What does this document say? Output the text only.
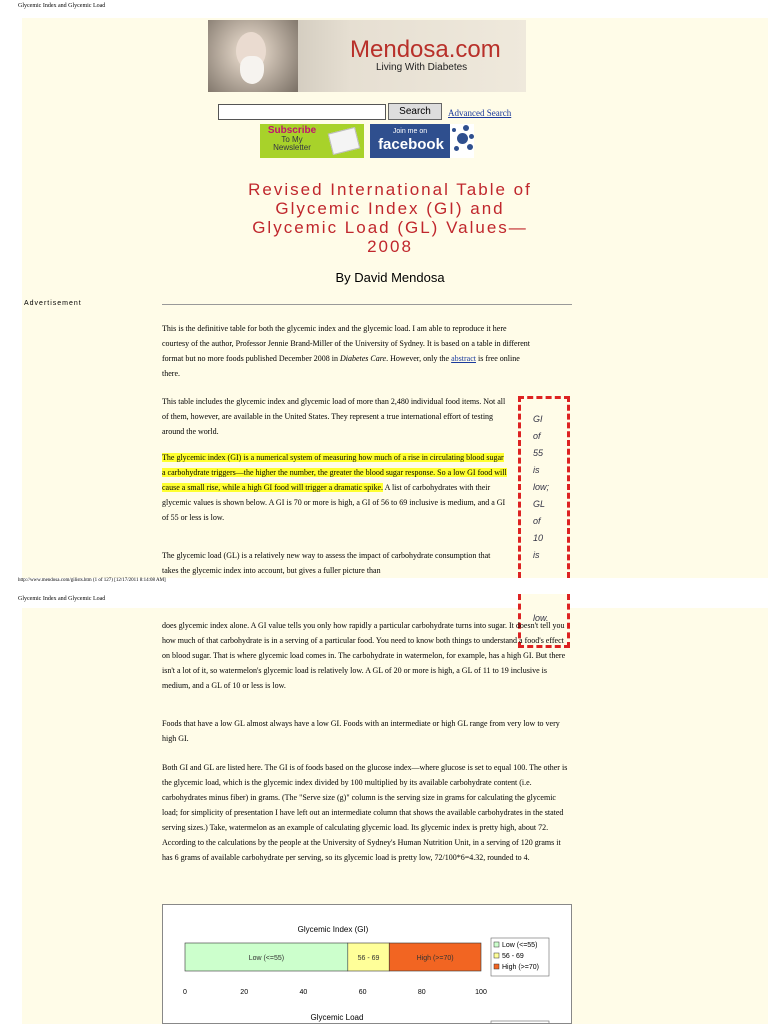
Glycemic Index and Glycemic Load
Mendosa.com
Living With Diabetes
Search	Advanced Search
Subscribe
To My
Newsletter
Join me on
facebook
Revised International Table of
Glycemic Index (GI) and
Glycemic Load (GL) Values—
2008
By David Mendosa
Advertisement

This is the definitive table for both the glycemic index and the glycemic load. I am able to reproduce it here courtesy of the author, Professor Jennie Brand-Miller of the University of Sydney. It is based on a table in different format but no more foods published December 2008 in Diabetes Care. However, only the abstract is free online there.

This table includes the glycemic index and glycemic load of more than 2,480 individual food items. Not all of them, however, are available in the United States. They represent a true international effort of testing around the world.

The glycemic index (GI) is a numerical system of measuring how much of a rise in circulating blood sugar a carbohydrate triggers—the higher the number, the greater the blood sugar response. So a low GI food will cause a small rise, while a high GI food will trigger a dramatic spike. A list of carbohydrates with their glycemic values is shown below. A GI is 70 or more is high, a GI of 56 to 69 inclusive is medium, and a GI of 55 or less is low.

The glycemic load (GL) is a relatively new way to assess the impact of carbohydrate consumption that takes the glycemic index into account, but gives a fuller picture than

GI
of
55
is
low;
GL
of
10
is
http://www.mendosa.com/gilists.htm (1 of 127) [12/17/2011 8:14:08 AM]
Glycemic Index and Glycemic Load
low.

does glycemic index alone. A GI value tells you only how rapidly a particular carbohydrate turns into sugar. It doesn't tell you how much of that carbohydrate is in a serving of a particular food. You need to know both things to understand a food's effect on blood sugar. That is where glycemic load comes in. The carbohydrate in watermelon, for example, has a high GI. But there isn't a lot of it, so watermelon's glycemic load is relatively low. A GL of 20 or more is high, a GL of 11 to 19 inclusive is medium, and a GL of 10 or less is low.

Foods that have a low GL almost always have a low GI. Foods with an intermediate or high GL range from very low to very high GI.

Both GI and GL are listed here. The GI is of foods based on the glucose index—where glucose is set to equal 100. The other is the glycemic load, which is the glycemic index divided by 100 multiplied by its available carbohydrate content (i.e. carbohydrates minus fiber) in grams. (The "Serve size (g)" column is the serving size in grams for calculating the glycemic load; for simplicity of presentation I have left out an intermediate column that shows the available carbohydrates in the stated serving sizes.) Take, watermelon as an example of calculating glycemic load. Its glycemic index is pretty high, about 72. According to the calculations by the people at the University of Sydney's Human Nutrition Unit, in a serving of 120 grams it has 6 grams of available carbohydrate per serving, so its glycemic load is pretty low, 72/100*6=4.32, rounded to 4.

Glycemic Index (GI)
Low (<=55)	56 - 69	High (>=70)
0	20	40	60	80	100
Low (<=55)
56 - 69
High (>=70)
Glycemic Load
